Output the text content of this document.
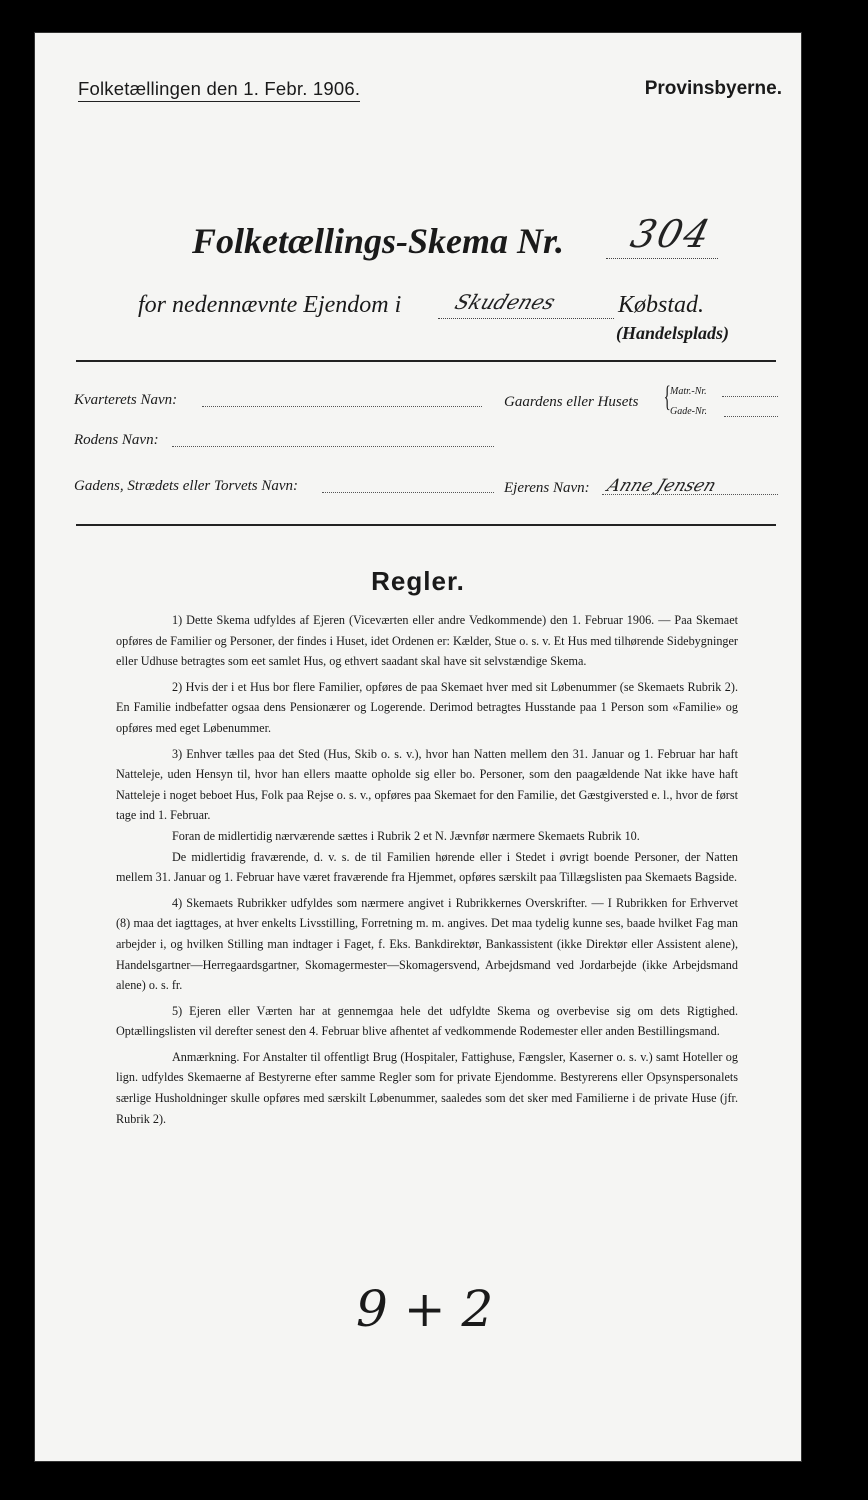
Folketællingen den 1. Febr. 1906.	Provinsbyerne.
Folketællings-Skema Nr. 304
for nedennævnte Ejendom i	Skudenes Købstad.
(Handelsplads)
Kvarterets Navn:	Gaardens eller Husets { Matr.-Nr.
Gade-Nr.
Rodens Navn:
Gadens, Strædets eller Torvets Navn:	Ejerens Navn: Anne Jensen
Regler.

1) Dette Skema udfyldes af Ejeren (Viceværten eller andre Vedkommende) den 1. Februar 1906. — Paa Skemaet opføres de Familier og Personer, der findes i Huset, idet Ordenen er: Kælder, Stue o. s. v. Et Hus med tilhørende Sidebygninger eller Udhuse betragtes som eet samlet Hus, og ethvert saadant skal have sit selvstændige Skema.

2) Hvis der i et Hus bor flere Familier, opføres de paa Skemaet hver med sit Løbenummer (se Skemaets Rubrik 2). En Familie indbefatter ogsaa dens Pensionærer og Logerende. Derimod betragtes Husstande paa 1 Person som «Familie» og opføres med eget Løbenummer.

3) Enhver tælles paa det Sted (Hus, Skib o. s. v.), hvor han Natten mellem den 31. Januar og 1. Februar har haft Natteleje, uden Hensyn til, hvor han ellers maatte opholde sig eller bo. Personer, som den paagældende Nat ikke have haft Natteleje i noget beboet Hus, Folk paa Rejse o. s. v., opføres paa Skemaet for den Familie, det Gæstgiversted e. l., hvor de først tage ind 1. Februar.

Foran de midlertidig nærværende sættes i Rubrik 2 et N. Jævnfør nærmere Skemaets Rubrik 10.

De midlertidig fraværende, d. v. s. de til Familien hørende eller i Stedet i øvrigt boende Personer, der Natten mellem 31. Januar og 1. Februar have været fraværende fra Hjemmet, opføres særskilt paa Tillægslisten paa Skemaets Bagside.

4) Skemaets Rubrikker udfyldes som nærmere angivet i Rubrikkernes Overskrifter. — I Rubrikken for Erhvervet (8) maa det iagttages, at hver enkelts Livsstilling, Forretning m. m. angives. Det maa tydelig kunne ses, baade hvilket Fag man arbejder i, og hvilken Stilling man indtager i Faget, f. Eks. Bankdirektør, Bankassistent (ikke Direktør eller Assistent alene), Handelsgartner—Herregaardsgartner, Skomagermester—Skomagersvend, Arbejdsmand ved Jordarbejde (ikke Arbejdsmand alene) o. s. fr.

5) Ejeren eller Værten har at gennemgaa hele det udfyldte Skema og overbevise sig om dets Rigtighed. Optællingslisten vil derefter senest den 4. Februar blive afhentet af vedkommende Rodemester eller anden Bestillingsmand.

Anmærkning. For Anstalter til offentligt Brug (Hospitaler, Fattighuse, Fængsler, Kaserner o. s. v.) samt Hoteller og lign. udfyldes Skemaerne af Bestyrerne efter samme Regler som for private Ejendomme. Bestyrerens eller Opsynspersonalets særlige Husholdninger skulle opføres med særskilt Løbenummer, saaledes som det sker med Familierne i de private Huse (jfr. Rubrik 2).

9 + 2
